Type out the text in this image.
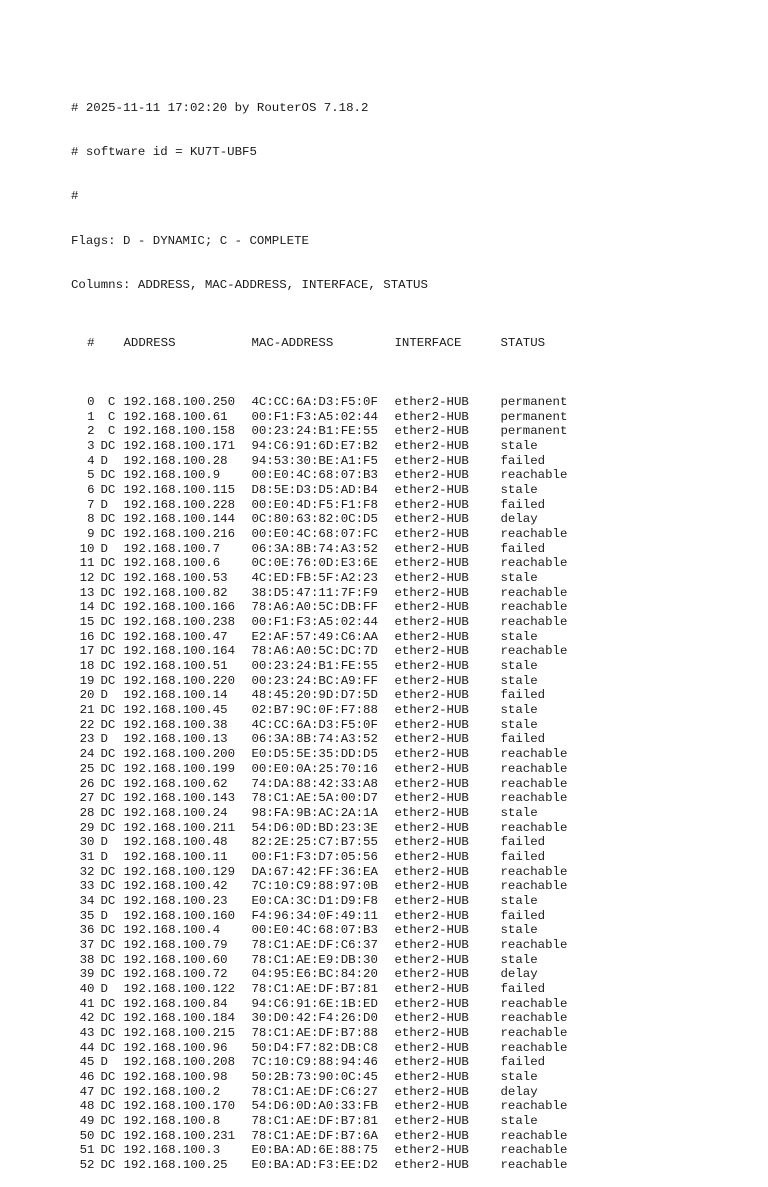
# 2025-11-11 17:02:20 by RouterOS 7.18.2

# software id = KU7T-UBF5

#

Flags: D - DYNAMIC; C - COMPLETE

Columns: ADDRESS, MAC-ADDRESS, INTERFACE, STATUS

# ADDRESS	MAC-ADDRESS	INTERFACE	STATUS

0 C 192.168.100.250	4C:CC:6A:D3:F5:0F	ether2-HUB	permanent
1 C 192.168.100.61	00:F1:F3:A5:02:44	ether2-HUB	permanent
2 C 192.168.100.158	00:23:24:B1:FE:55	ether2-HUB	permanent
3 DC 192.168.100.171	94:C6:91:6D:E7:B2	ether2-HUB	stale
4 D	192.168.100.28	94:53:30:BE:A1:F5	ether2-HUB	failed
5 DC 192.168.100.9	00:E0:4C:68:07:B3	ether2-HUB	reachable
6 DC 192.168.100.115	D8:5E:D3:D5:AD:B4	ether2-HUB	stale
7 D	192.168.100.228	00:E0:4D:F5:F1:F8	ether2-HUB	failed
8 DC 192.168.100.144	0C:80:63:82:0C:D5	ether2-HUB	delay
9 DC 192.168.100.216	00:E0:4C:68:07:FC	ether2-HUB	reachable
10 D	192.168.100.7	06:3A:8B:74:A3:52	ether2-HUB	failed
11 DC 192.168.100.6	0C:0E:76:0D:E3:6E	ether2-HUB	reachable
12 DC 192.168.100.53	4C:ED:FB:5F:A2:23	ether2-HUB	stale
13 DC 192.168.100.82	38:D5:47:11:7F:F9	ether2-HUB	reachable
14 DC 192.168.100.166	78:A6:A0:5C:DB:FF	ether2-HUB	reachable
15 DC 192.168.100.238	00:F1:F3:A5:02:44	ether2-HUB	reachable
16 DC 192.168.100.47	E2:AF:57:49:C6:AA	ether2-HUB	stale
17 DC 192.168.100.164	78:A6:A0:5C:DC:7D	ether2-HUB	reachable
18 DC 192.168.100.51	00:23:24:B1:FE:55	ether2-HUB	stale
19 DC 192.168.100.220	00:23:24:BC:A9:FF	ether2-HUB	stale
20 D	192.168.100.14	48:45:20:9D:D7:5D	ether2-HUB	failed
21 DC 192.168.100.45	02:B7:9C:0F:F7:88	ether2-HUB	stale
22 DC 192.168.100.38	4C:CC:6A:D3:F5:0F	ether2-HUB	stale
23 D	192.168.100.13	06:3A:8B:74:A3:52	ether2-HUB	failed
24 DC 192.168.100.200	E0:D5:5E:35:DD:D5	ether2-HUB	reachable
25 DC 192.168.100.199	00:E0:0A:25:70:16	ether2-HUB	reachable
26 DC 192.168.100.62	74:DA:88:42:33:A8	ether2-HUB	reachable
27 DC 192.168.100.143	78:C1:AE:5A:00:D7	ether2-HUB	reachable
28 DC 192.168.100.24	98:FA:9B:AC:2A:1A	ether2-HUB	stale
29 DC 192.168.100.211	54:D6:0D:BD:23:3E	ether2-HUB	reachable
30 D	192.168.100.48	82:2E:25:C7:B7:55	ether2-HUB	failed
31 D	192.168.100.11	00:F1:F3:D7:05:56	ether2-HUB	failed
32 DC 192.168.100.129	DA:67:42:FF:36:EA	ether2-HUB	reachable
33 DC 192.168.100.42	7C:10:C9:88:97:0B	ether2-HUB	reachable
34 DC 192.168.100.23	E0:CA:3C:D1:D9:F8	ether2-HUB	stale
35 D	192.168.100.160	F4:96:34:0F:49:11	ether2-HUB	failed
36 DC 192.168.100.4	00:E0:4C:68:07:B3	ether2-HUB	stale
37 DC 192.168.100.79	78:C1:AE:DF:C6:37	ether2-HUB	reachable
38 DC 192.168.100.60	78:C1:AE:E9:DB:30	ether2-HUB	stale
39 DC 192.168.100.72	04:95:E6:BC:84:20	ether2-HUB	delay
40 D	192.168.100.122	78:C1:AE:DF:B7:81	ether2-HUB	failed
41 DC 192.168.100.84	94:C6:91:6E:1B:ED	ether2-HUB	reachable
42 DC 192.168.100.184	30:D0:42:F4:26:D0	ether2-HUB	reachable
43 DC 192.168.100.215	78:C1:AE:DF:B7:88	ether2-HUB	reachable
44 DC 192.168.100.96	50:D4:F7:82:DB:C8	ether2-HUB	reachable
45 D	192.168.100.208	7C:10:C9:88:94:46	ether2-HUB	failed
46 DC 192.168.100.98	50:2B:73:90:0C:45	ether2-HUB	stale
47 DC 192.168.100.2	78:C1:AE:DF:C6:27	ether2-HUB	delay
48 DC 192.168.100.170	54:D6:0D:A0:33:FB	ether2-HUB	reachable
49 DC 192.168.100.8	78:C1:AE:DF:B7:81	ether2-HUB	stale
50 DC 192.168.100.231	78:C1:AE:DF:B7:6A	ether2-HUB	reachable
51 DC 192.168.100.3	E0:BA:AD:6E:88:75	ether2-HUB	reachable
52 DC 192.168.100.25	E0:BA:AD:F3:EE:D2	ether2-HUB	reachable
